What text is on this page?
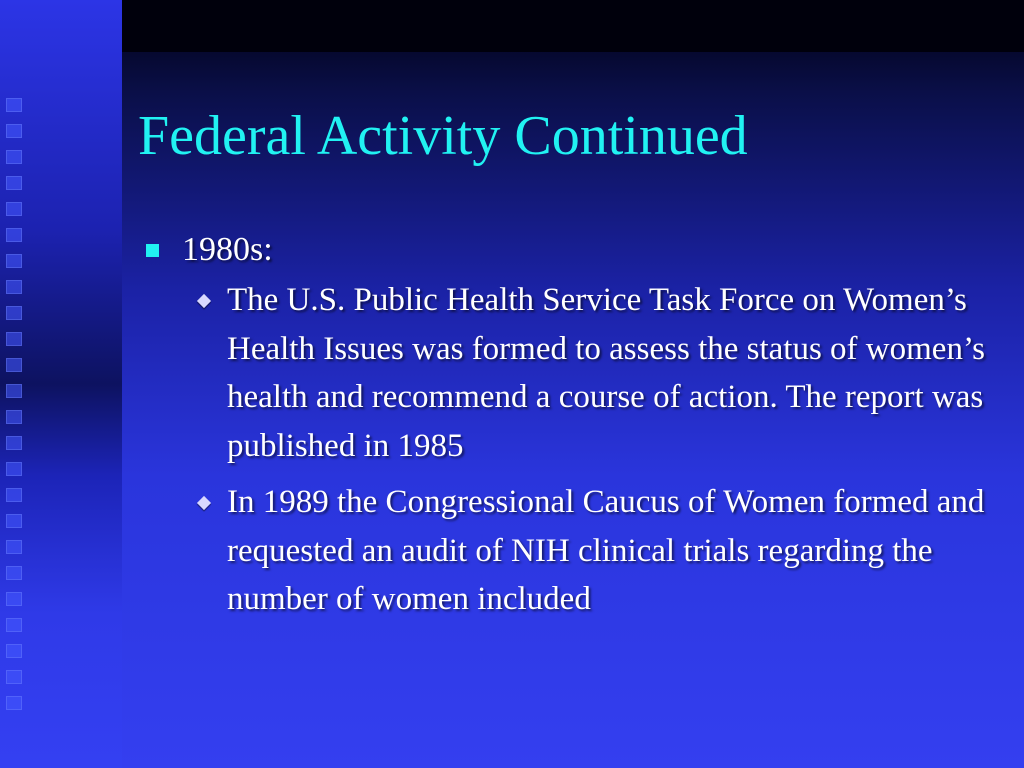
Federal Activity Continued
1980s:
The U.S. Public Health Service Task Force on Women’s Health Issues was formed to assess the status of women’s health and recommend a course of action. The report was published in 1985
In 1989 the Congressional Caucus of Women formed and requested an audit of NIH clinical trials regarding the number of women included
